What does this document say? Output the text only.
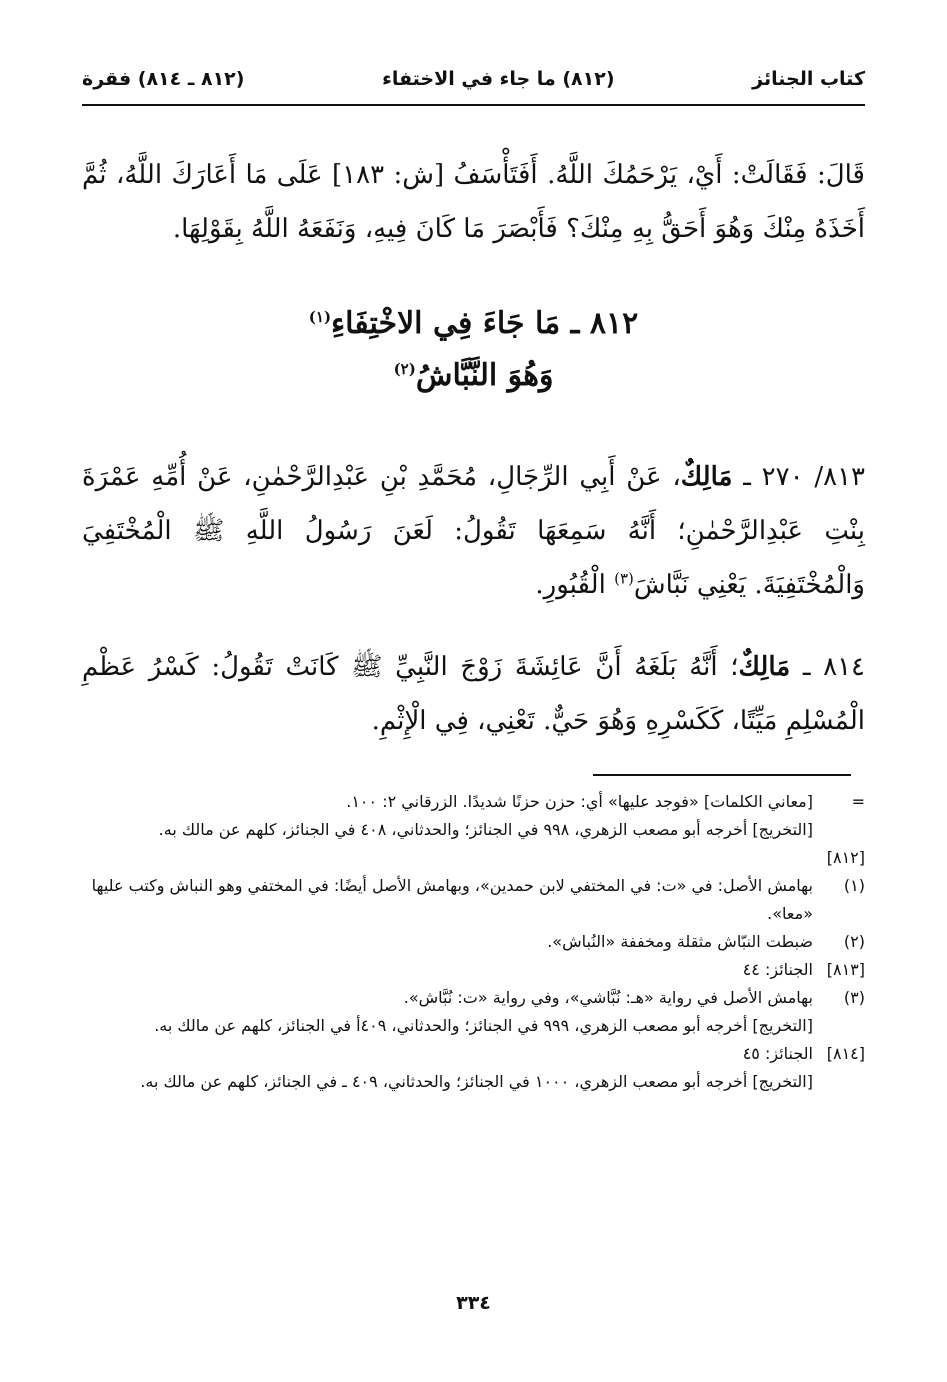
كتاب الجنائز
(٨١٢) ما جاء في الاختفاء
(٨١٢ ـ ٨١٤) فقرة

قَالَ: فَقَالَتْ: أَيْ، يَرْحَمُكَ اللَّهُ. أَفَتَأْسَفُ [ش: ١٨٣] عَلَى مَا أَعَارَكَ اللَّهُ، ثُمَّ أَخَذَهُ مِنْكَ وَهُوَ أَحَقُّ بِهِ مِنْكَ؟ فَأَبْصَرَ مَا كَانَ فِيهِ، وَنَفَعَهُ اللَّهُ بِقَوْلِهَا.

٨١٢ ـ مَا جَاءَ فِي الاخْتِفَاءِ$^{(١)}$
وَهُوَ النَّبَّاشُ$^{(٢)}$

٨١٣/ ٢٧٠ ـ مَالِكٌ، عَنْ أَبِي الرِّجَالِ، مُحَمَّدِ بْنِ عَبْدِالرَّحْمٰنِ، عَنْ أُمِّهِ عَمْرَةَ بِنْتِ عَبْدِالرَّحْمٰنِ؛ أَنَّهُ سَمِعَهَا تَقُولُ: لَعَنَ رَسُولُ اللَّهِ ﷺ الْمُخْتَفِيَ وَالْمُخْتَفِيَةَ. يَعْنِي نَبَّاشَ$^{(٣)}$ الْقُبُورِ.

٨١٤ ـ مَالِكٌ؛ أَنَّهُ بَلَغَهُ أَنَّ عَائِشَةَ زَوْجَ النَّبِيِّ ﷺ كَانَتْ تَقُولُ: كَسْرُ عَظْمِ الْمُسْلِمِ مَيِّتًا، كَكَسْرِهِ وَهُوَ حَيٌّ. تَعْنِي، فِي الْإِثْمِ.

=
[معاني الكلمات] «فوجد عليها» أي: حزن حزنًا شديدًا. الزرقاني ٢: ١٠٠.

[التخريج] أخرجه أبو مصعب الزهري، ٩٩٨ في الجنائز؛ والحدثاني، ٤٠٨ في الجنائز، كلهم عن مالك به.

[٨١٢]

(١)
بهامش الأصل: في «ت: في المختفي لابن حمدين»، وبهامش الأصل أيضًا: في المختفي وهو النباش وكتب عليها «معا».

(٢)
ضبطت النبّاش مثقلة ومخففة «النُباش».

[٨١٣]
الجنائز: ٤٤

(٣)
بهامش الأصل في رواية «هـ: نُبَّاشي»، وفي رواية «ت: نُبَّاش».

[التخريج] أخرجه أبو مصعب الزهري، ٩٩٩ في الجنائز؛ والحدثاني، ٤٠٩أ في الجنائز، كلهم عن مالك به.

[٨١٤]
الجنائز: ٤٥

[التخريج] أخرجه أبو مصعب الزهري، ١٠٠٠ في الجنائز؛ والحدثاني، ٤٠٩ ـ في الجنائز، كلهم عن مالك به.

٣٣٤
